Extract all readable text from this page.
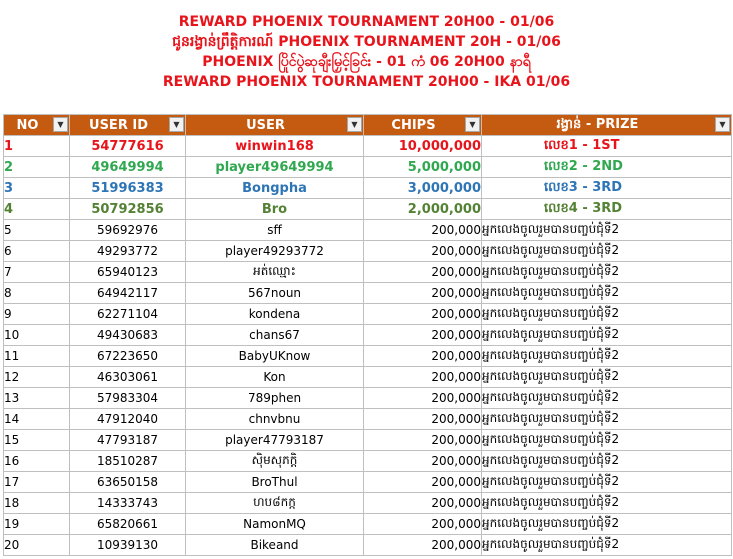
REWARD PHOENIX TOURNAMENT 20H00 - 01/06
ជូនរង្វាន់ព្រឹត្តិការណ៍ PHOENIX TOURNAMENT 20H - 01/06
PHOENIX ပြိုင်ပွဲဆုချီးမြှင့်ခြင်း - 01 ကံ 06 20H00 နာရီ
REWARD PHOENIX TOURNAMENT 20H00 - IKA 01/06
NO ▼	USER ID ▼	USER ▼	CHIPS ▼	រង្វាន់ - PRIZE ▼

1	54777616	winwin168	10,000,000	លេខ1 - 1ST
2	49649994	player49649994	5,000,000	លេខ2 - 2ND
3	51996383	Bongpha	3,000,000	លេខ3 - 3RD
4	50792856	Bro	2,000,000	លេខ4 - 3RD
5	59692976	sff	200,000	អ្នកលេងចូលរួមបានបញ្ចប់ជុំទី2
6	49293772	player49293772	200,000	អ្នកលេងចូលរួមបានបញ្ចប់ជុំទី2
7	65940123	អត់ឈ្មោះ	200,000	អ្នកលេងចូលរួមបានបញ្ចប់ជុំទី2
8	64942117	567noun	200,000	អ្នកលេងចូលរួមបានបញ្ចប់ជុំទី2
9	62271104	kondena	200,000	អ្នកលេងចូលរួមបានបញ្ចប់ជុំទី2
10	49430683	chans67	200,000	អ្នកលេងចូលរួមបានបញ្ចប់ជុំទី2
11	67223650	BabyUKnow	200,000	អ្នកលេងចូលរួមបានបញ្ចប់ជុំទី2
12	46303061	Kon	200,000	អ្នកលេងចូលរួមបានបញ្ចប់ជុំទី2
13	57983304	789phen	200,000	អ្នកលេងចូលរួមបានបញ្ចប់ជុំទី2
14	47912040	chnvbnu	200,000	អ្នកលេងចូលរួមបានបញ្ចប់ជុំទី2
15	47793187	player47793187	200,000	អ្នកលេងចូលរួមបានបញ្ចប់ជុំទី2
16	18510287	ស៊ិមសុភក្តិ	200,000	អ្នកលេងចូលរួមបានបញ្ចប់ជុំទី2
17	63650158	BroThul	200,000	អ្នកលេងចូលរួមបានបញ្ចប់ជុំទី2
18	14333743	ហប៨កក្ក	200,000	អ្នកលេងចូលរួមបានបញ្ចប់ជុំទី2
19	65820661	NamonMQ	200,000	អ្នកលេងចូលរួមបានបញ្ចប់ជុំទី2
20	10939130	Bikeand	200,000	អ្នកលេងចូលរួមបានបញ្ចប់ជុំទី2
